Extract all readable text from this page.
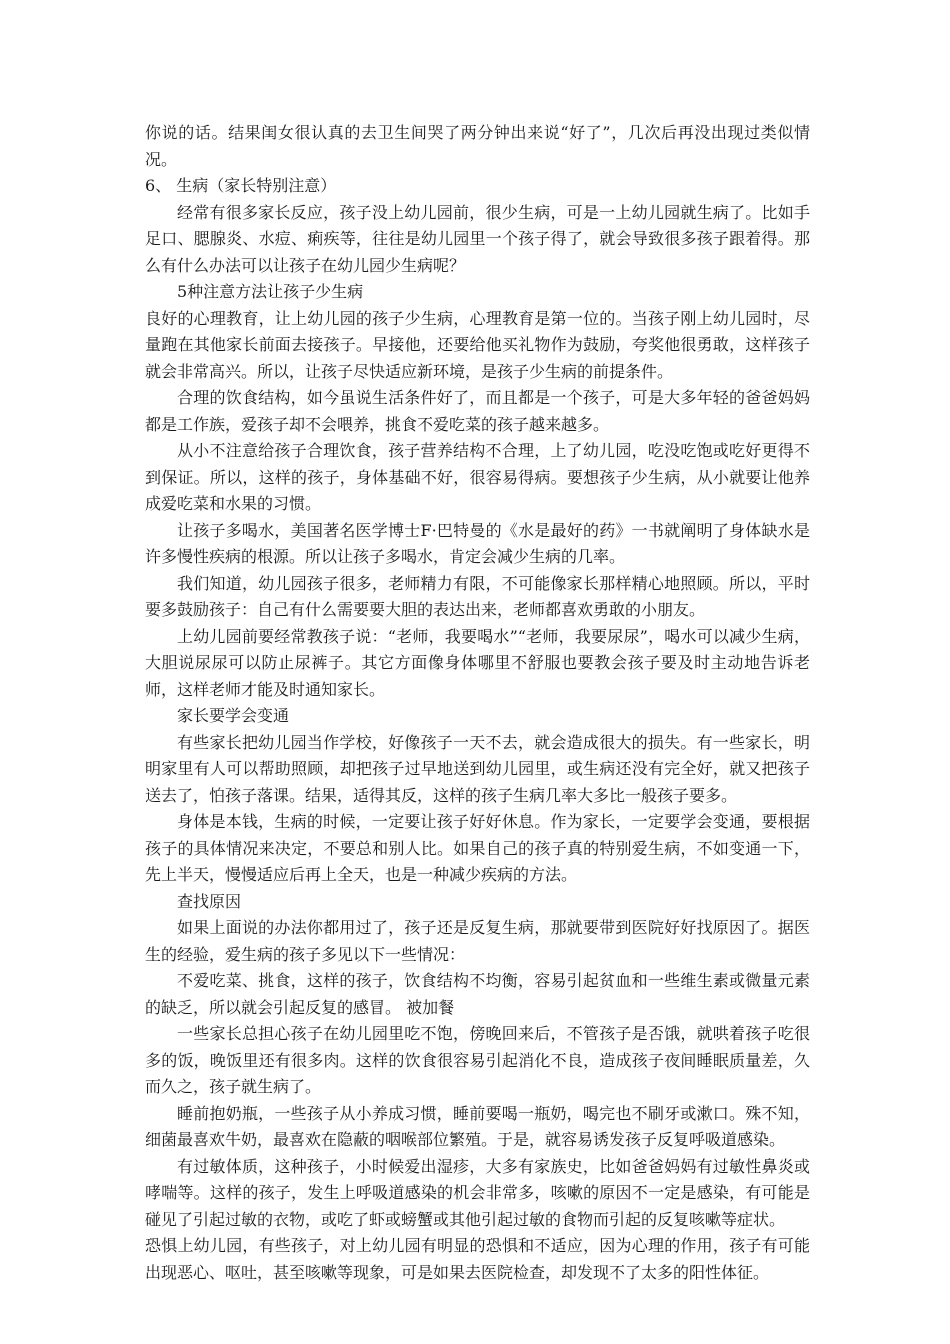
你说的话。结果闺女很认真的去卫生间哭了两分钟出来说“好了”，几次后再没出现过类似情况。

6、 生病（家长特别注意）

经常有很多家长反应，孩子没上幼儿园前，很少生病，可是一上幼儿园就生病了。比如手足口、腮腺炎、水痘、痢疾等，往往是幼儿园里一个孩子得了，就会导致很多孩子跟着得。那么有什么办法可以让孩子在幼儿园少生病呢？

5种注意方法让孩子少生病

良好的心理教育，让上幼儿园的孩子少生病，心理教育是第一位的。当孩子刚上幼儿园时，尽量跑在其他家长前面去接孩子。早接他，还要给他买礼物作为鼓励，夸奖他很勇敢，这样孩子就会非常高兴。所以，让孩子尽快适应新环境，是孩子少生病的前提条件。

合理的饮食结构，如今虽说生活条件好了，而且都是一个孩子，可是大多年轻的爸爸妈妈都是工作族，爱孩子却不会喂养，挑食不爱吃菜的孩子越来越多。

从小不注意给孩子合理饮食，孩子营养结构不合理，上了幼儿园，吃没吃饱或吃好更得不到保证。所以，这样的孩子，身体基础不好，很容易得病。要想孩子少生病，从小就要让他养成爱吃菜和水果的习惯。

让孩子多喝水，美国著名医学博士F·巴特曼的《水是最好的药》一书就阐明了身体缺水是许多慢性疾病的根源。所以让孩子多喝水，肯定会减少生病的几率。

我们知道，幼儿园孩子很多，老师精力有限，不可能像家长那样精心地照顾。所以，平时要多鼓励孩子：自己有什么需要要大胆的表达出来，老师都喜欢勇敢的小朋友。

上幼儿园前要经常教孩子说：“老师，我要喝水”“老师，我要尿尿”，喝水可以减少生病，大胆说尿尿可以防止尿裤子。其它方面像身体哪里不舒服也要教会孩子要及时主动地告诉老师，这样老师才能及时通知家长。

家长要学会变通

有些家长把幼儿园当作学校，好像孩子一天不去，就会造成很大的损失。有一些家长，明明家里有人可以帮助照顾，却把孩子过早地送到幼儿园里，或生病还没有完全好，就又把孩子送去了，怕孩子落课。结果，适得其反，这样的孩子生病几率大多比一般孩子要多。

身体是本钱，生病的时候，一定要让孩子好好休息。作为家长，一定要学会变通，要根据孩子的具体情况来决定，不要总和别人比。如果自己的孩子真的特别爱生病，不如变通一下，先上半天，慢慢适应后再上全天，也是一种减少疾病的方法。

查找原因

如果上面说的办法你都用过了，孩子还是反复生病，那就要带到医院好好找原因了。据医生的经验，爱生病的孩子多见以下一些情况：

不爱吃菜、挑食，这样的孩子，饮食结构不均衡，容易引起贫血和一些维生素或微量元素的缺乏，所以就会引起反复的感冒。 被加餐

一些家长总担心孩子在幼儿园里吃不饱，傍晚回来后，不管孩子是否饿，就哄着孩子吃很多的饭，晚饭里还有很多肉。这样的饮食很容易引起消化不良，造成孩子夜间睡眠质量差，久而久之，孩子就生病了。

睡前抱奶瓶，一些孩子从小养成习惯，睡前要喝一瓶奶，喝完也不刷牙或漱口。殊不知，细菌最喜欢牛奶，最喜欢在隐蔽的咽喉部位繁殖。于是，就容易诱发孩子反复呼吸道感染。

有过敏体质，这种孩子，小时候爱出湿疹，大多有家族史，比如爸爸妈妈有过敏性鼻炎或哮喘等。这样的孩子，发生上呼吸道感染的机会非常多，咳嗽的原因不一定是感染，有可能是碰见了引起过敏的衣物，或吃了虾或螃蟹或其他引起过敏的食物而引起的反复咳嗽等症状。

恐惧上幼儿园，有些孩子，对上幼儿园有明显的恐惧和不适应，因为心理的作用，孩子有可能出现恶心、呕吐，甚至咳嗽等现象，可是如果去医院检查，却发现不了太多的阳性体征。
